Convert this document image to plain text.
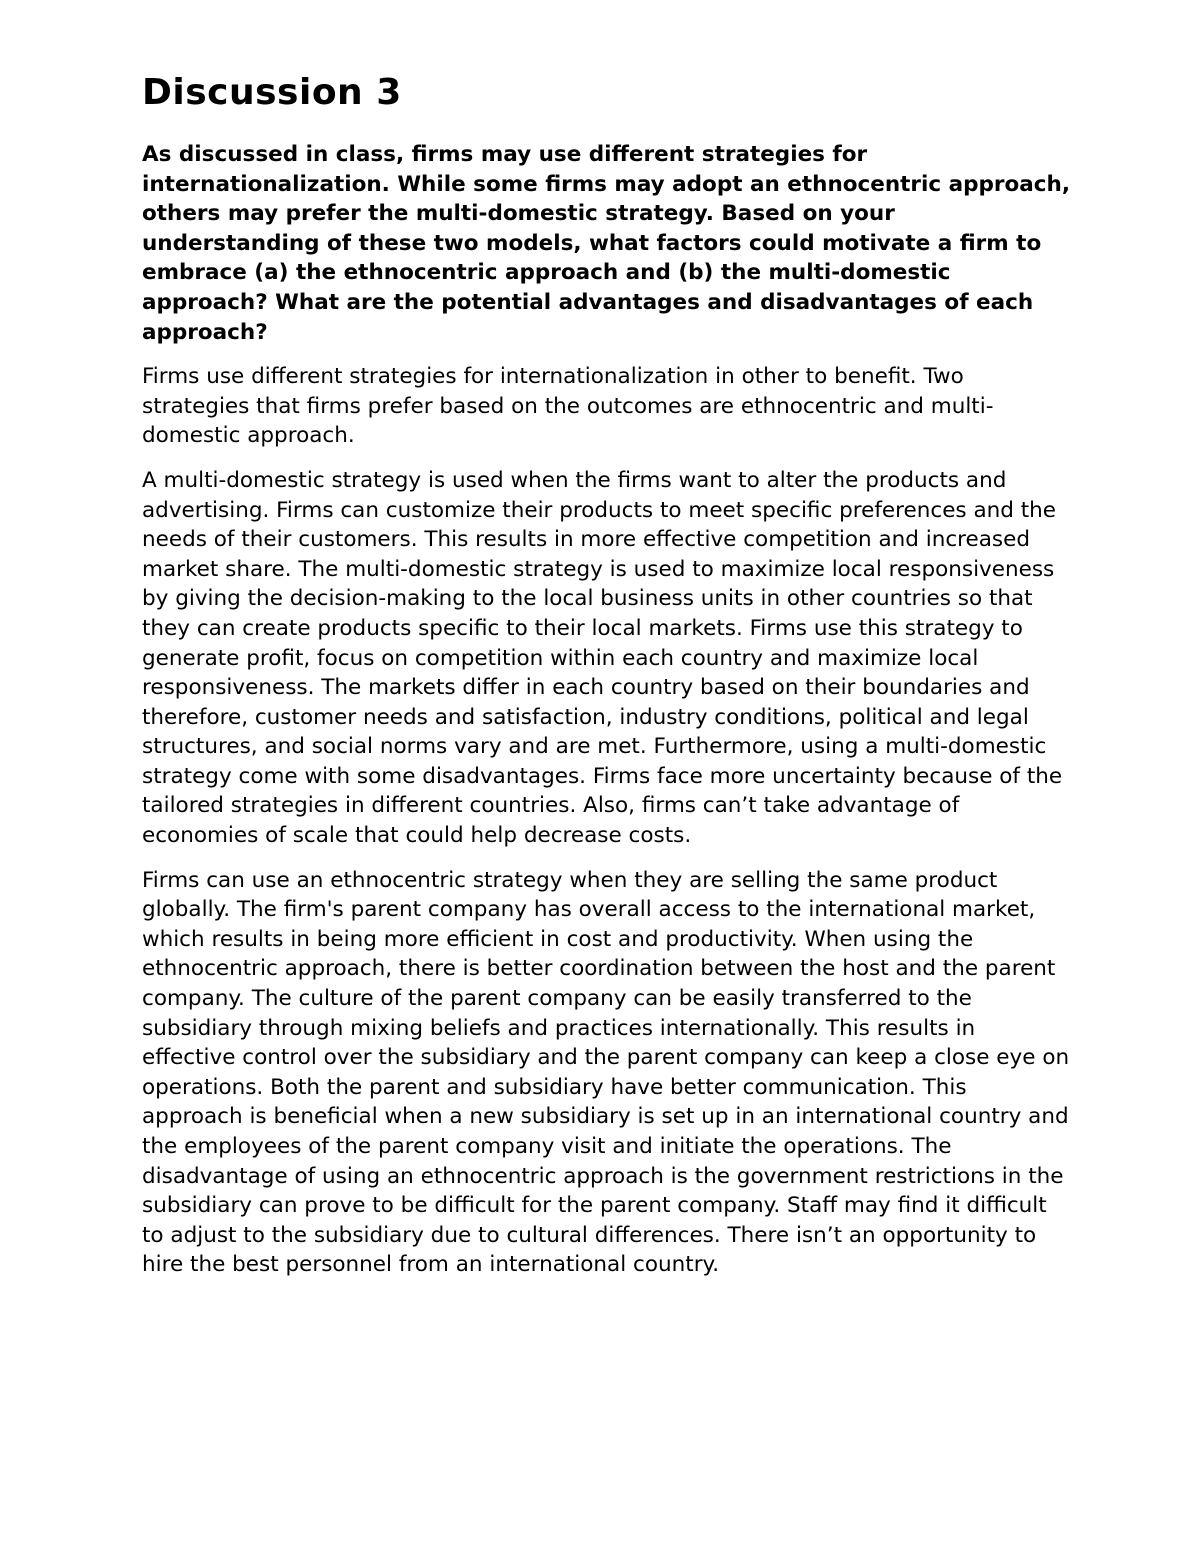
Discussion 3

As discussed in class, firms may use different strategies for internationalization. While some firms may adopt an ethnocentric approach, others may prefer the multi-domestic strategy. Based on your understanding of these two models, what factors could motivate a firm to embrace (a) the ethnocentric approach and (b) the multi-domestic approach? What are the potential advantages and disadvantages of each approach?

Firms use different strategies for internationalization in other to benefit. Two strategies that firms prefer based on the outcomes are ethnocentric and multi-domestic approach.

A multi-domestic strategy is used when the firms want to alter the products and advertising. Firms can customize their products to meet specific preferences and the needs of their customers. This results in more effective competition and increased market share. The multi-domestic strategy is used to maximize local responsiveness by giving the decision-making to the local business units in other countries so that they can create products specific to their local markets. Firms use this strategy to generate profit, focus on competition within each country and maximize local responsiveness. The markets differ in each country based on their boundaries and therefore, customer needs and satisfaction, industry conditions, political and legal structures, and social norms vary and are met. Furthermore, using a multi-domestic strategy come with some disadvantages. Firms face more uncertainty because of the tailored strategies in different countries. Also, firms can’t take advantage of economies of scale that could help decrease costs.

Firms can use an ethnocentric strategy when they are selling the same product globally. The firm's parent company has overall access to the international market, which results in being more efficient in cost and productivity. When using the ethnocentric approach, there is better coordination between the host and the parent company. The culture of the parent company can be easily transferred to the subsidiary through mixing beliefs and practices internationally. This results in effective control over the subsidiary and the parent company can keep a close eye on operations. Both the parent and subsidiary have better communication. This approach is beneficial when a new subsidiary is set up in an international country and the employees of the parent company visit and initiate the operations. The disadvantage of using an ethnocentric approach is the government restrictions in the subsidiary can prove to be difficult for the parent company. Staff may find it difficult to adjust to the subsidiary due to cultural differences. There isn’t an opportunity to hire the best personnel from an international country.
